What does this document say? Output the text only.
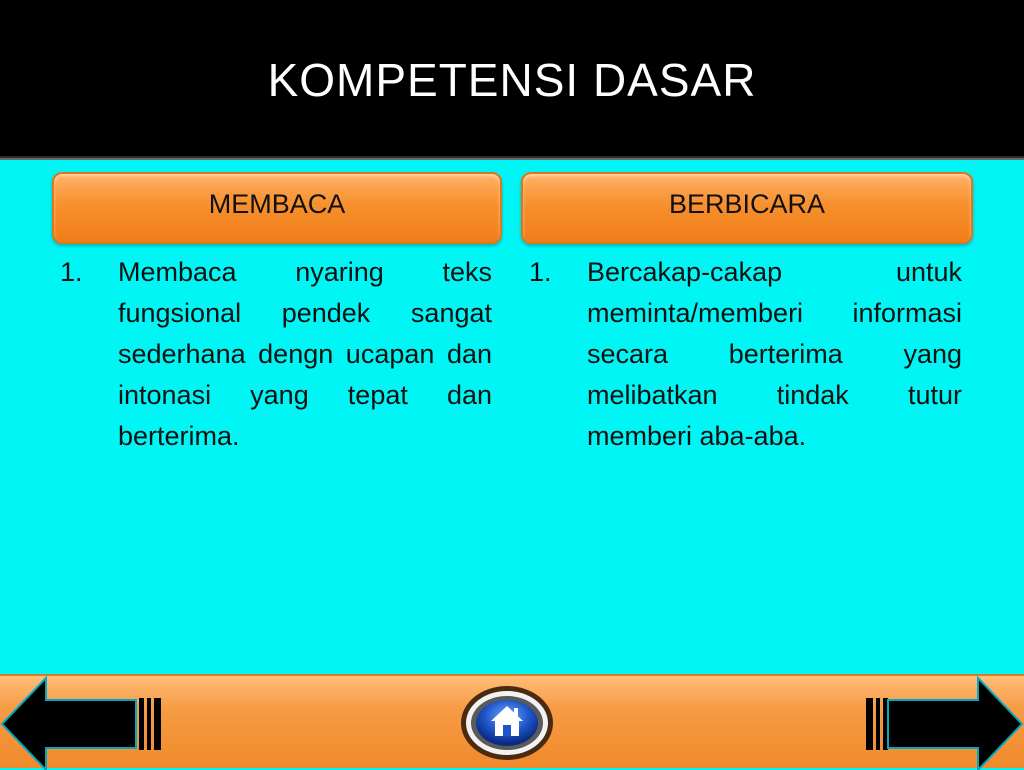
KOMPETENSI DASAR
MEMBACA	BERBICARA
1.	Membaca nyaring teks fungsional pendek sangat sederhana dengn ucapan dan intonasi yang tepat dan berterima.
1.	Bercakap-cakap untuk meminta/memberi informasi secara berterima yang melibatkan tindak tutur memberi aba-aba.
